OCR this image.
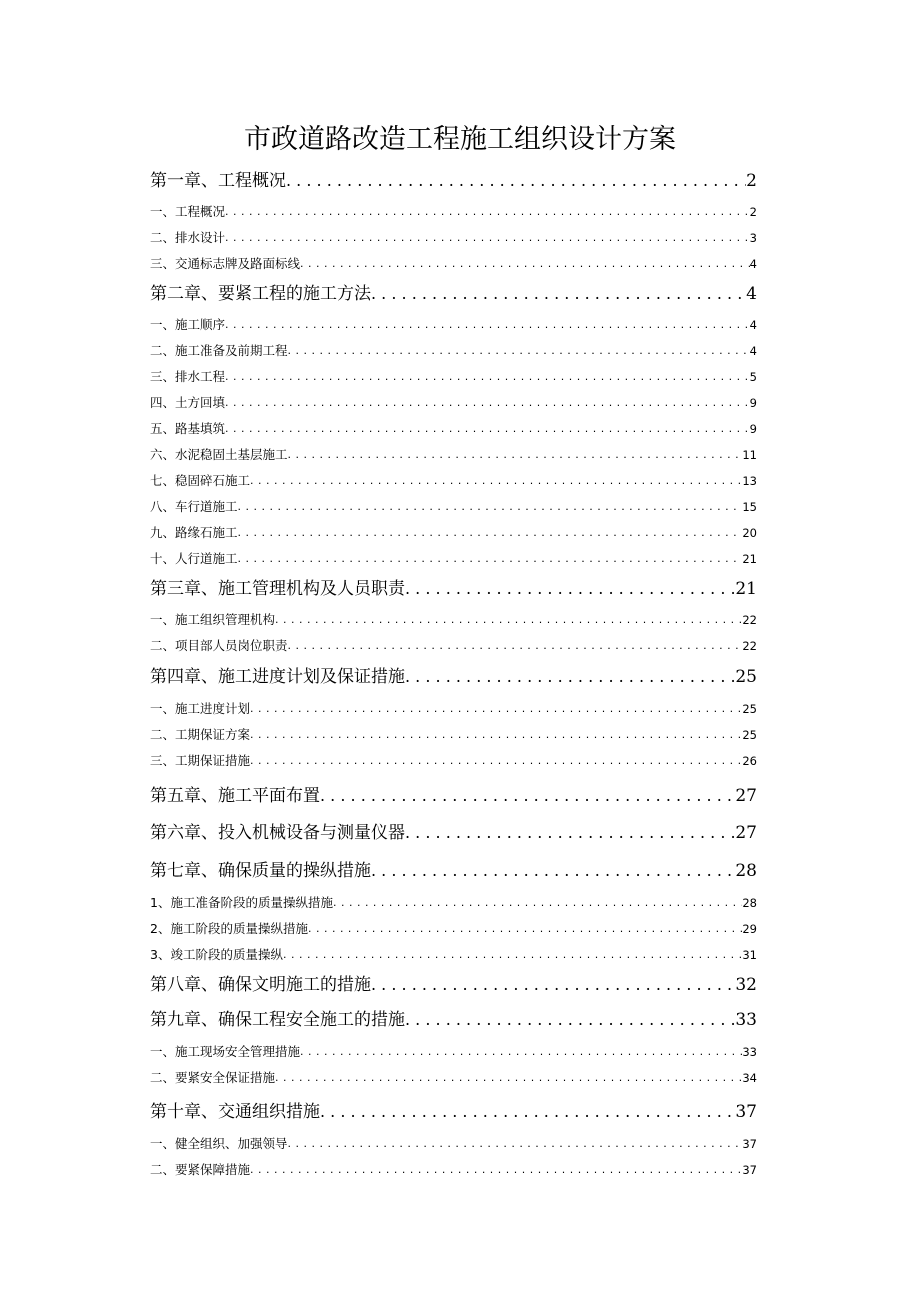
市政道路改造工程施工组织设计方案
第一章、工程概况 . . .	2
一、工程概况 . . .	2
二、排水设计 . . .	3
三、交通标志牌及路面标线 . . .	4
第二章、要紧工程的施工方法 . . .	4
一、施工顺序 . . .	4
二、施工准备及前期工程 . . .	4
三、排水工程 . . .	5
四、土方回填 . . .	9
五、路基填筑 . . .	9
六、水泥稳固土基层施工 . . .	11
七、稳固碎石施工 . . .	13
八、车行道施工 . . .	15
九、路缘石施工 . . .	20
十、人行道施工 . . .	21
第三章、施工管理机构及人员职责 . . .	21
一、施工组织管理机构 . . .	22
二、项目部人员岗位职责 . . .	22
第四章、施工进度计划及保证措施 . . .	25
一、施工进度计划 . . .	25
二、工期保证方案 . . .	25
三、工期保证措施 . . .	26
第五章、施工平面布置 . . .	27
第六章、投入机械设备与测量仪器 . . .	27
第七章、确保质量的操纵措施 . . .	28
1、施工准备阶段的质量操纵措施 . . .	28
2、施工阶段的质量操纵措施 . . .	29
3、竣工阶段的质量操纵 . . .	31
第八章、确保文明施工的措施 . . .	32
第九章、确保工程安全施工的措施 . . .	33
一、施工现场安全管理措施 . . .	33
二、要紧安全保证措施 . . .	34
第十章、交通组织措施 . . .	37
一、健全组织、加强领导 . . .	37
二、要紧保障措施 . . .	37
